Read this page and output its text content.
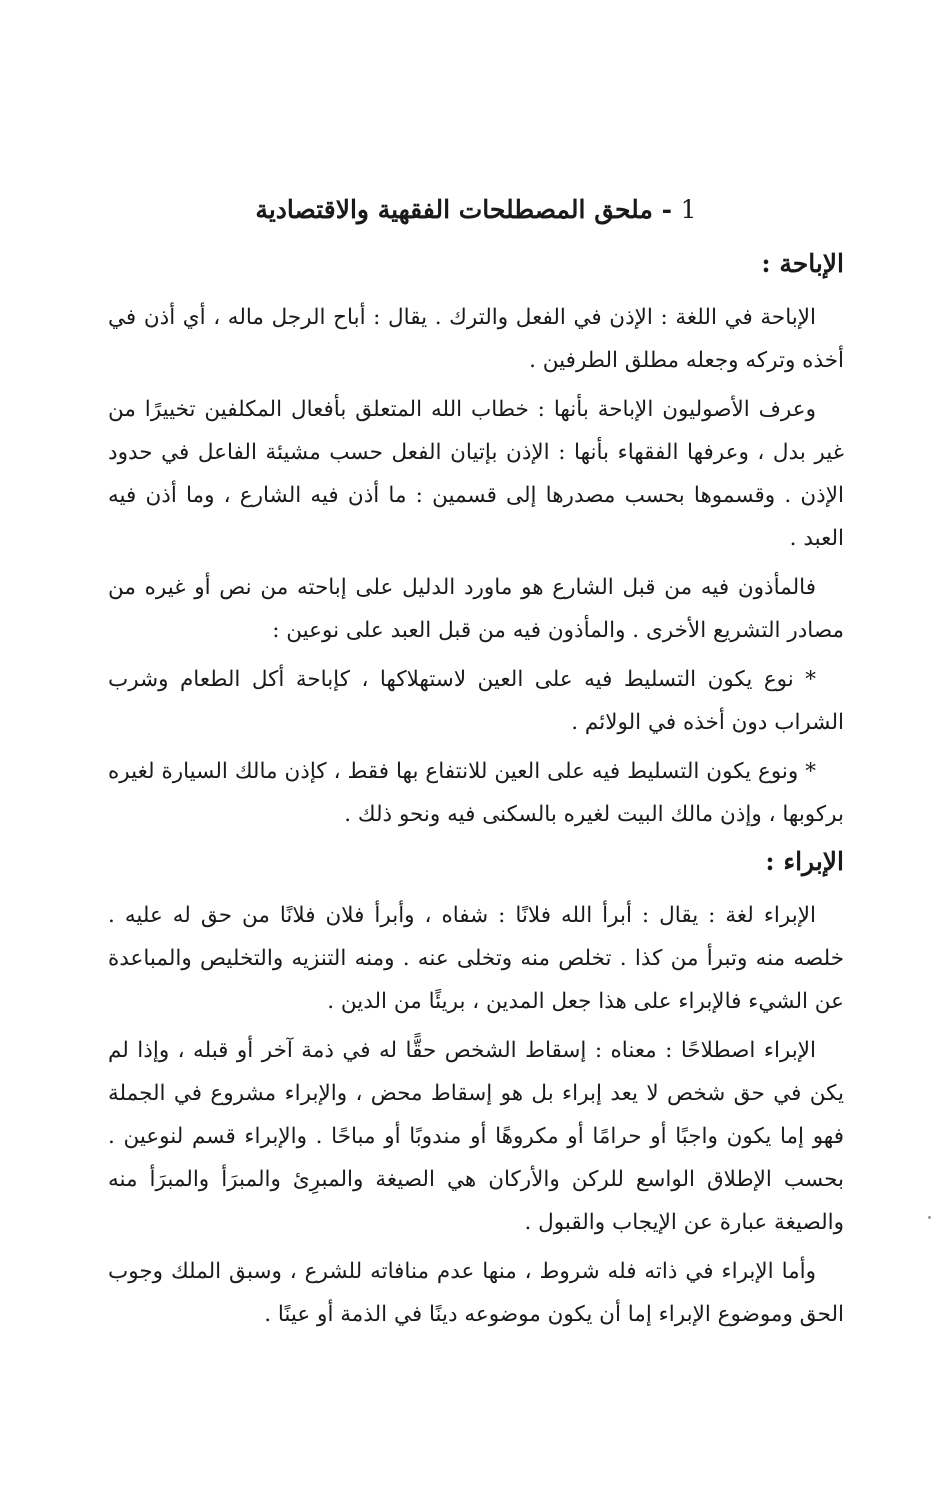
1 - ملحق المصطلحات الفقهية والاقتصادية
الإباحة :

الإباحة في اللغة : الإذن في الفعل والترك . يقال : أباح الرجل ماله ، أي أذن في أخذه وتركه وجعله مطلق الطرفين .

وعرف الأصوليون الإباحة بأنها : خطاب الله المتعلق بأفعال المكلفين تخييرًا من غير بدل ، وعرفها الفقهاء بأنها : الإذن بإتيان الفعل حسب مشيئة الفاعل في حدود الإذن . وقسموها بحسب مصدرها إلى قسمين : ما أذن فيه الشارع ، وما أذن فيه العبد .

فالمأذون فيه من قبل الشارع هو ماورد الدليل على إباحته من نص أو غيره من مصادر التشريع الأخرى . والمأذون فيه من قبل العبد على نوعين :

* نوع يكون التسليط فيه على العين لاستهلاكها ، كإباحة أكل الطعام وشرب الشراب دون أخذه في الولائم .

* ونوع يكون التسليط فيه على العين للانتفاع بها فقط ، كإذن مالك السيارة لغيره بركوبها ، وإذن مالك البيت لغيره بالسكنى فيه ونحو ذلك .

الإبراء :

الإبراء لغة : يقال : أبرأ الله فلانًا : شفاه ، وأبرأ فلان فلانًا من حق له عليه . خلصه منه وتبرأ من كذا . تخلص منه وتخلى عنه . ومنه التنزيه والتخليص والمباعدة عن الشيء فالإبراء على هذا جعل المدين ، بريئًا من الدين .

الإبراء اصطلاحًا : معناه : إسقاط الشخص حقًّا له في ذمة آخر أو قبله ، وإذا لم يكن في حق شخص لا يعد إبراء بل هو إسقاط محض ، والإبراء مشروع في الجملة فهو إما يكون واجبًا أو حرامًا أو مكروهًا أو مندوبًا أو مباحًا . والإبراء قسم لنوعين . بحسب الإطلاق الواسع للركن والأركان هي الصيغة والمبرِئ والمبرَأ والمبرَأ منه والصيغة عبارة عن الإيجاب والقبول .

وأما الإبراء في ذاته فله شروط ، منها عدم منافاته للشرع ، وسبق الملك وجوب الحق وموضوع الإبراء إما أن يكون موضوعه دينًا في الذمة أو عينًا .
